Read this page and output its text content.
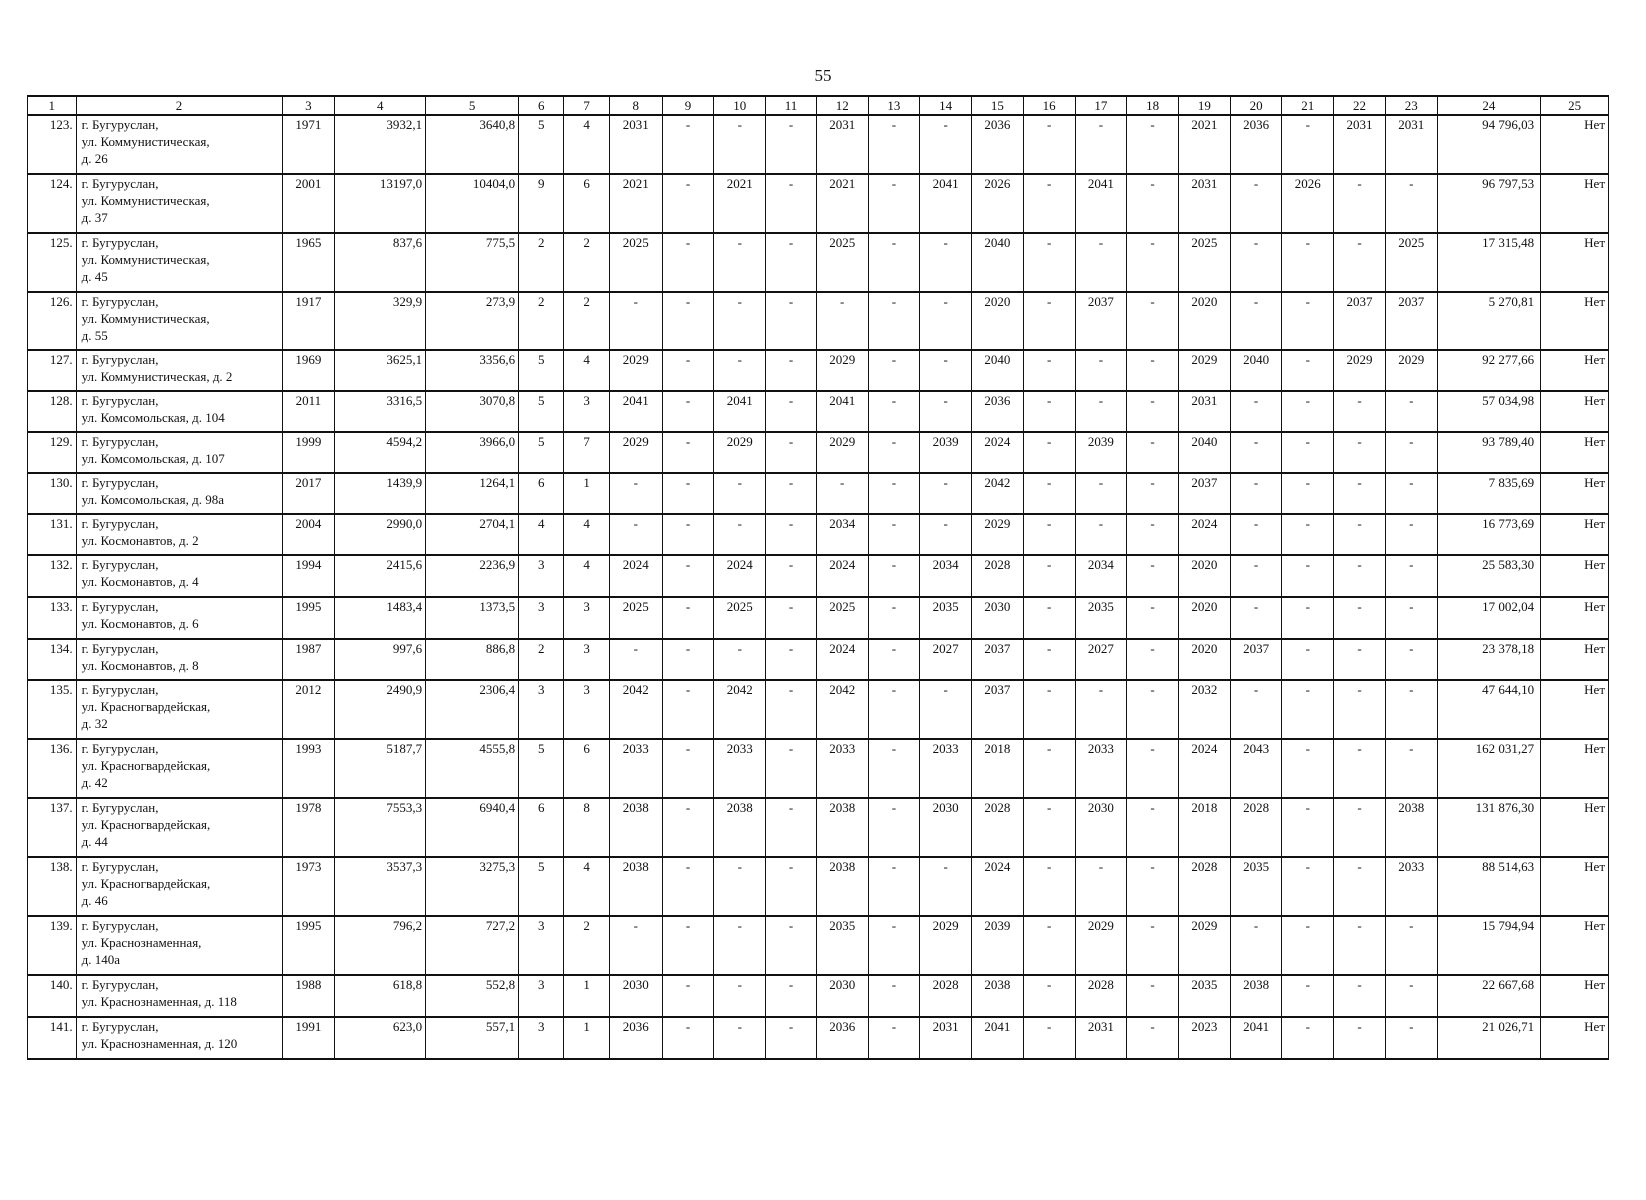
55
1	2	3	4	5	6	7	8	9	10	11	12	13	14	15	16	17	18	19	20	21	22	23	24	25
123.	г. Бугуруслан,
ул. Коммунистическая,
д. 26	1971	3932,1	3640,8	5	4	2031	-	-	-	2031	-	-	2036	-	-	-	2021	2036	-	2031	2031	94 796,03	Нет
124.	г. Бугуруслан,
ул. Коммунистическая,
д. 37	2001	13197,0	10404,0	9	6	2021	-	2021	-	2021	-	2041	2026	-	2041	-	2031	-	2026	-	-	96 797,53	Нет
125.	г. Бугуруслан,
ул. Коммунистическая,
д. 45	1965	837,6	775,5	2	2	2025	-	-	-	2025	-	-	2040	-	-	-	2025	-	-	-	2025	17 315,48	Нет
126.	г. Бугуруслан,
ул. Коммунистическая,
д. 55	1917	329,9	273,9	2	2	-	-	-	-	-	-	-	2020	-	2037	-	2020	-	-	2037	2037	5 270,81	Нет
127.	г. Бугуруслан,
ул. Коммунистическая, д. 2	1969	3625,1	3356,6	5	4	2029	-	-	-	2029	-	-	2040	-	-	-	2029	2040	-	2029	2029	92 277,66	Нет
128.	г. Бугуруслан,
ул. Комсомольская, д. 104	2011	3316,5	3070,8	5	3	2041	-	2041	-	2041	-	-	2036	-	-	-	2031	-	-	-	-	57 034,98	Нет
129.	г. Бугуруслан,
ул. Комсомольская, д. 107	1999	4594,2	3966,0	5	7	2029	-	2029	-	2029	-	2039	2024	-	2039	-	2040	-	-	-	-	93 789,40	Нет
130.	г. Бугуруслан,
ул. Комсомольская, д. 98а	2017	1439,9	1264,1	6	1	-	-	-	-	-	-	-	2042	-	-	-	2037	-	-	-	-	7 835,69	Нет
131.	г. Бугуруслан,
ул. Космонавтов, д. 2	2004	2990,0	2704,1	4	4	-	-	-	-	2034	-	-	2029	-	-	-	2024	-	-	-	-	16 773,69	Нет
132.	г. Бугуруслан,
ул. Космонавтов, д. 4	1994	2415,6	2236,9	3	4	2024	-	2024	-	2024	-	2034	2028	-	2034	-	2020	-	-	-	-	25 583,30	Нет
133.	г. Бугуруслан,
ул. Космонавтов, д. 6	1995	1483,4	1373,5	3	3	2025	-	2025	-	2025	-	2035	2030	-	2035	-	2020	-	-	-	-	17 002,04	Нет
134.	г. Бугуруслан,
ул. Космонавтов, д. 8	1987	997,6	886,8	2	3	-	-	-	-	2024	-	2027	2037	-	2027	-	2020	2037	-	-	-	23 378,18	Нет
135.	г. Бугуруслан,
ул. Красногвардейская,
д. 32	2012	2490,9	2306,4	3	3	2042	-	2042	-	2042	-	-	2037	-	-	-	2032	-	-	-	-	47 644,10	Нет
136.	г. Бугуруслан,
ул. Красногвардейская,
д. 42	1993	5187,7	4555,8	5	6	2033	-	2033	-	2033	-	2033	2018	-	2033	-	2024	2043	-	-	-	162 031,27	Нет
137.	г. Бугуруслан,
ул. Красногвардейская,
д. 44	1978	7553,3	6940,4	6	8	2038	-	2038	-	2038	-	2030	2028	-	2030	-	2018	2028	-	-	2038	131 876,30	Нет
138.	г. Бугуруслан,
ул. Красногвардейская,
д. 46	1973	3537,3	3275,3	5	4	2038	-	-	-	2038	-	-	2024	-	-	-	2028	2035	-	-	2033	88 514,63	Нет
139.	г. Бугуруслан,
ул. Краснознаменная,
д. 140а	1995	796,2	727,2	3	2	-	-	-	-	2035	-	2029	2039	-	2029	-	2029	-	-	-	-	15 794,94	Нет
140.	г. Бугуруслан,
ул. Краснознаменная, д. 118	1988	618,8	552,8	3	1	2030	-	-	-	2030	-	2028	2038	-	2028	-	2035	2038	-	-	-	22 667,68	Нет
141.	г. Бугуруслан,
ул. Краснознаменная, д. 120	1991	623,0	557,1	3	1	2036	-	-	-	2036	-	2031	2041	-	2031	-	2023	2041	-	-	-	21 026,71	Нет
